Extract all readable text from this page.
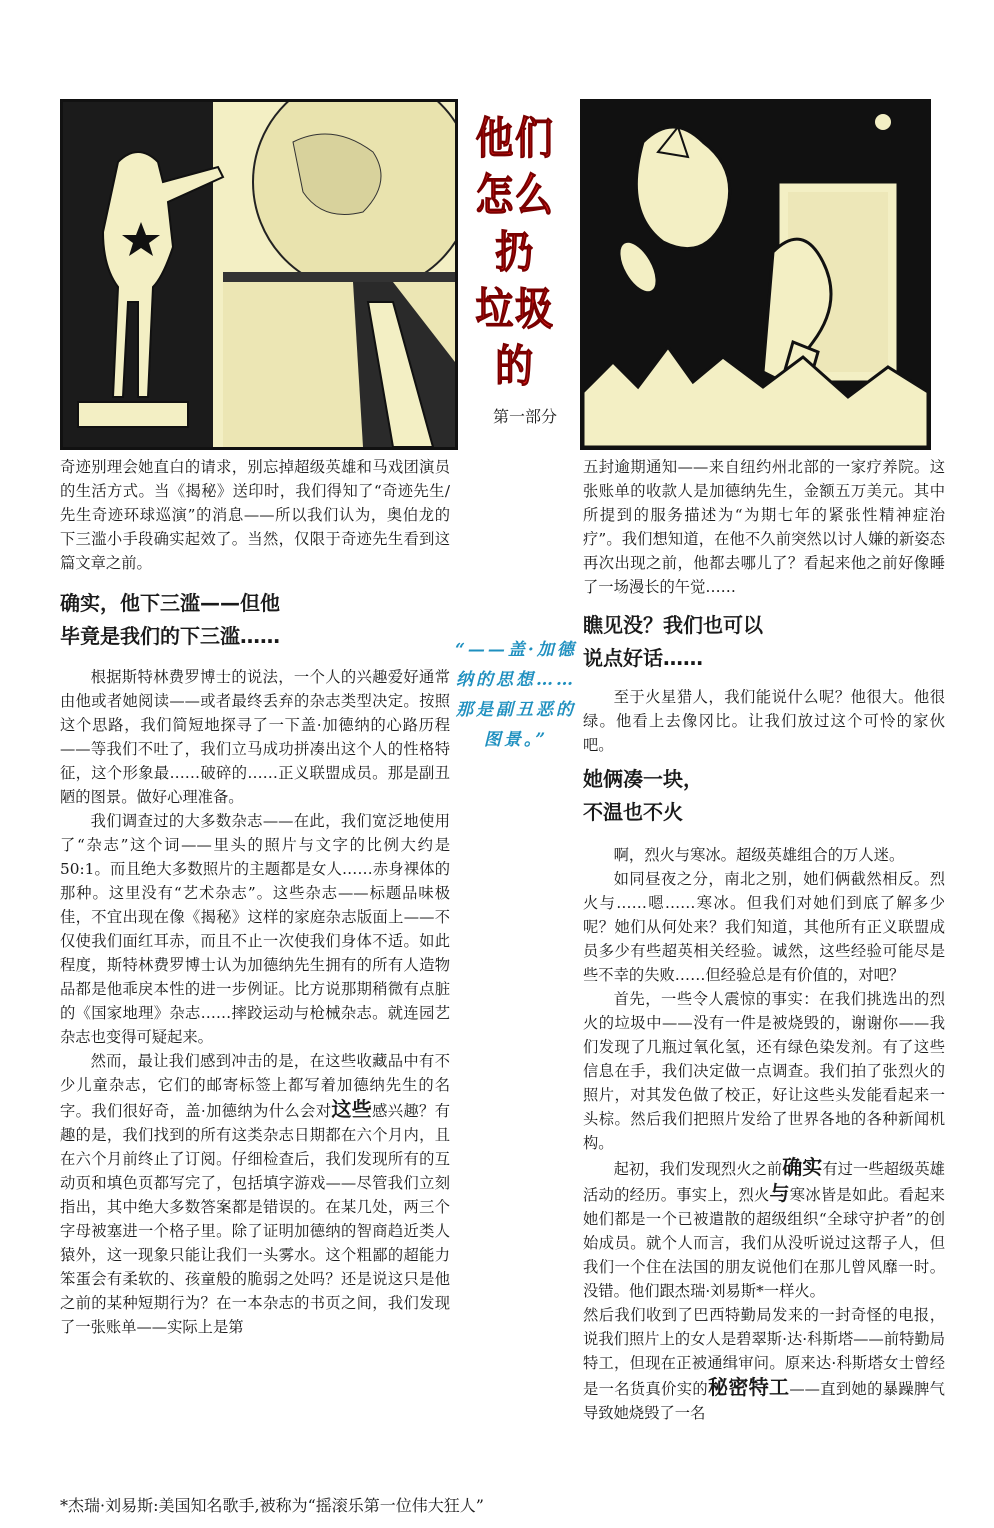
他们
怎么
扔
垃圾的
第一部分

奇迹别理会她直白的请求，别忘掉超级英雄和马戏团演员的生活方式。当《揭秘》送印时，我们得知了“奇迹先生/先生奇迹环球巡演”的消息——所以我们认为，奥伯龙的下三滥小手段确实起效了。当然，仅限于奇迹先生看到这篇文章之前。

确实，他下三滥——但他

毕竟是我们的下三滥……

根据斯特林费罗博士的说法，一个人的兴趣爱好通常由他或者她阅读——或者最终丢弃的杂志类型决定。按照这个思路，我们简短地探寻了一下盖·加德纳的心路历程——等我们不吐了，我们立马成功拼凑出这个人的性格特征，这个形象最……破碎的……正义联盟成员。那是副丑陋的图景。做好心理准备。

我们调查过的大多数杂志——在此，我们宽泛地使用了“杂志”这个词——里头的照片与文字的比例大约是50:1。而且绝大多数照片的主题都是女人……赤身裸体的那种。这里没有“艺术杂志”。这些杂志——标题品味极佳，不宜出现在像《揭秘》这样的家庭杂志版面上——不仅使我们面红耳赤，而且不止一次使我们身体不适。如此程度，斯特林费罗博士认为加德纳先生拥有的所有人造物品都是他乖戾本性的进一步例证。比方说那期稍微有点脏的《国家地理》杂志……摔跤运动与枪械杂志。就连园艺杂志也变得可疑起来。

然而，最让我们感到冲击的是，在这些收藏品中有不少儿童杂志，它们的邮寄标签上都写着加德纳先生的名字。我们很好奇，盖·加德纳为什么会对这些感兴趣？有趣的是，我们找到的所有这类杂志日期都在六个月内，且在六个月前终止了订阅。仔细检查后，我们发现所有的互动页和填色页都写完了，包括填字游戏——尽管我们立刻指出，其中绝大多数答案都是错误的。在某几处，两三个字母被塞进一个格子里。除了证明加德纳的智商趋近类人猿外，这一现象只能让我们一头雾水。这个粗鄙的超能力笨蛋会有柔软的、孩童般的脆弱之处吗？还是说这只是他之前的某种短期行为？在一本杂志的书页之间，我们发现了一张账单——实际上是第

“——盖·加德纳的思想……那是副丑恶的图景。”

五封逾期通知——来自纽约州北部的一家疗养院。这张账单的收款人是加德纳先生，金额五万美元。其中所提到的服务描述为“为期七年的紧张性精神症治疗”。我们想知道，在他不久前突然以讨人嫌的新姿态再次出现之前，他都去哪儿了？看起来他之前好像睡了一场漫长的午觉……

瞧见没？我们也可以

说点好话……

至于火星猎人，我们能说什么呢？他很大。他很绿。他看上去像冈比。让我们放过这个可怜的家伙吧。

她俩凑一块，

不温也不火

啊，烈火与寒冰。超级英雄组合的万人迷。

如同昼夜之分，南北之别，她们俩截然相反。烈火与……嗯……寒冰。但我们对她们到底了解多少呢？她们从何处来？我们知道，其他所有正义联盟成员多少有些超英相关经验。诚然，这些经验可能尽是些不幸的失败……但经验总是有价值的，对吧？

首先，一些令人震惊的事实：在我们挑选出的烈火的垃圾中——没有一件是被烧毁的，谢谢你——我们发现了几瓶过氧化氢，还有绿色染发剂。有了这些信息在手，我们决定做一点调查。我们拍了张烈火的照片，对其发色做了校正，好让这些头发能看起来一头棕。然后我们把照片发给了世界各地的各种新闻机构。

起初，我们发现烈火之前确实有过一些超级英雄活动的经历。事实上，烈火与寒冰皆是如此。看起来她们都是一个已被遣散的超级组织“全球守护者”的创始成员。就个人而言，我们从没听说过这帮子人，但我们一个住在法国的朋友说他们在那儿曾风靡一时。没错。他们跟杰瑞·刘易斯*一样火。

然后我们收到了巴西特勤局发来的一封奇怪的电报，说我们照片上的女人是碧翠斯·达·科斯塔——前特勤局特工，但现在正被通缉审问。原来达·科斯塔女士曾经是一名货真价实的秘密特工——直到她的暴躁脾气导致她烧毁了一名

*杰瑞·刘易斯:美国知名歌手,被称为“摇滚乐第一位伟大狂人”
